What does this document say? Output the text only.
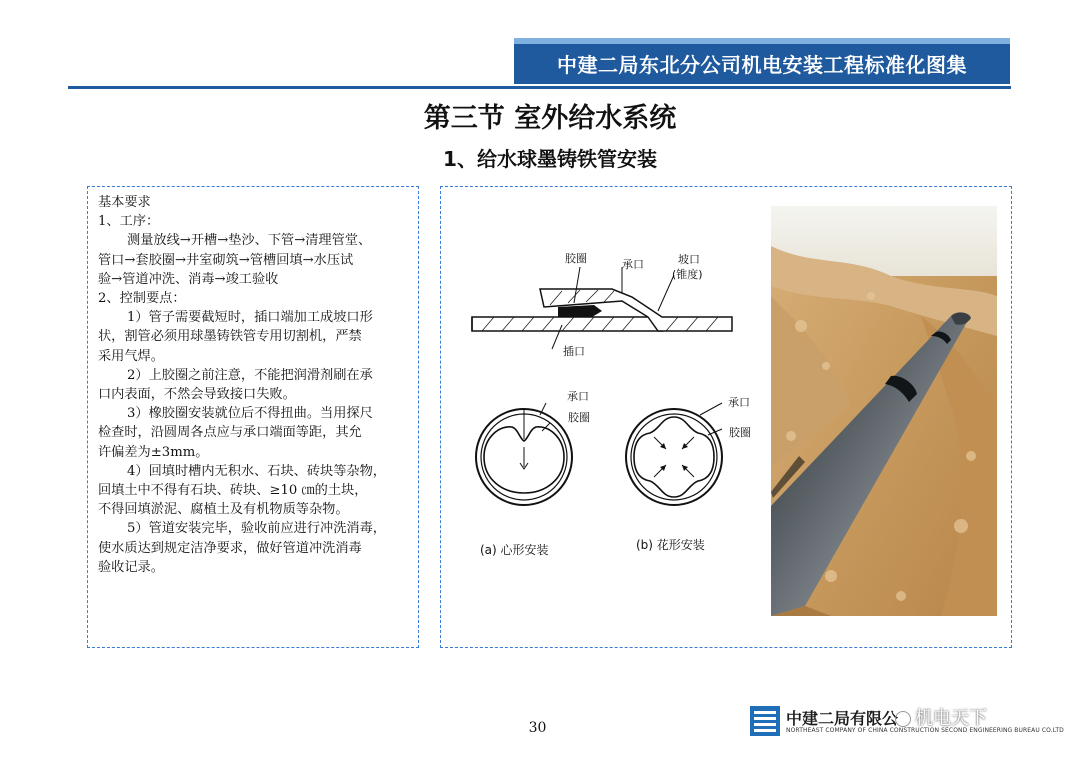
中建二局东北分公司机电安装工程标准化图集
第三节 室外给水系统
1、给水球墨铸铁管安装

基本要求

1、工序：

测量放线→开槽→垫沙、下管→清理管堂、

管口→套胶圈→井室砌筑→管槽回填→水压试

验→管道冲洗、消毒→竣工验收

2、控制要点：

1）管子需要截短时，插口端加工成坡口形

状，割管必须用球墨铸铁管专用切割机，严禁

采用气焊。

2）上胶圈之前注意，不能把润滑剂刷在承

口内表面，不然会导致接口失败。

3）橡胶圈安装就位后不得扭曲。当用探尺

检查时，沿圆周各点应与承口端面等距，其允

许偏差为±3mm。

4）回填时槽内无积水、石块、砖块等杂物，

回填土中不得有石块、砖块、≥10 ㎝的土块，

不得回填淤泥、腐植土及有机物质等杂物。

5）管道安装完毕，验收前应进行冲洗消毒，

使水质达到规定洁净要求，做好管道冲洗消毒

验收记录。

胶圈	承口	坡口
(锥度)
插口
承口
胶圈
承口
胶圈
(a) 心形安装	(b) 花形安装
30	中建二局有限公
NORTHEAST COMPANY OF CHINA CONSTRUCTION SECOND ENGINEERING BUREAU CO.LTD
机电天下
